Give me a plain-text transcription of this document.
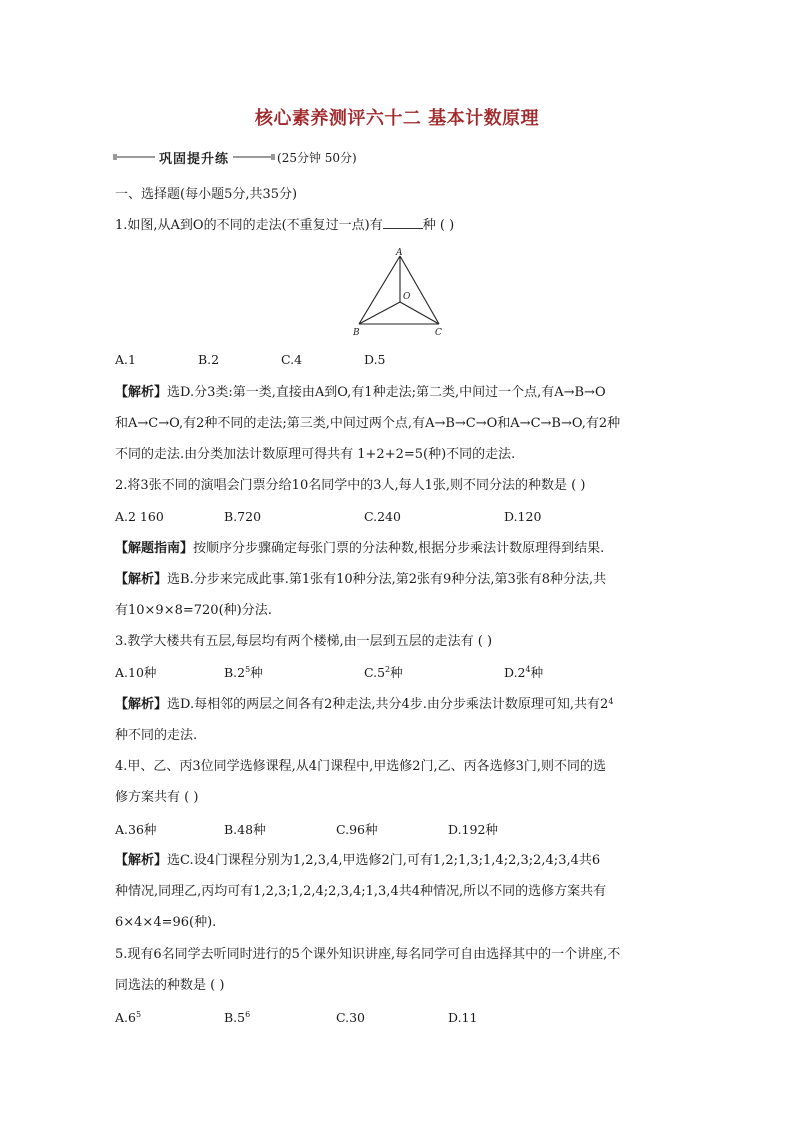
核心素养测评六十二 基本计数原理
巩固提升练	(25分钟 50分)
一、选择题(每小题5分,共35分)
1.如图,从A到O的不同的走法(不重复过一点)有	种 ( )
A
O
B	C
A.1	B.2	C.4	D.5
【解析】选D.分3类:第一类,直接由A到O,有1种走法;第二类,中间过一个点,有A→B→O
和A→C→O,有2种不同的走法;第三类,中间过两个点,有A→B→C→O和A→C→B→O,有2种
不同的走法.由分类加法计数原理可得共有 1+2+2=5(种)不同的走法.
2.将3张不同的演唱会门票分给10名同学中的3人,每人1张,则不同分法的种数是 ( )
A.2 160	B.720	C.240	D.120
【解题指南】按顺序分步骤确定每张门票的分法种数,根据分步乘法计数原理得到结果.
【解析】选B.分步来完成此事.第1张有10种分法,第2张有9种分法,第3张有8种分法,共
有10×9×8=720(种)分法.
3.教学大楼共有五层,每层均有两个楼梯,由一层到五层的走法有 ( )
A.10种	$B.2^5$种	$C.5^2$种	$D.2^4$种
【解析】选D.每相邻的两层之间各有2种走法,共分4步.由分步乘法计数原理可知,共有$2^4$
种不同的走法.
4.甲、乙、丙3位同学选修课程,从4门课程中,甲选修2门,乙、丙各选修3门,则不同的选
修方案共有 ( )
A.36种	B.48种	C.96种	D.192种
【解析】选C.设4门课程分别为1,2,3,4,甲选修2门,可有1,2;1,3;1,4;2,3;2,4;3,4共6
种情况,同理乙,丙均可有1,2,3;1,2,4;2,3,4;1,3,4共4种情况,所以不同的选修方案共有
6×4×4=96(种).
5.现有6名同学去听同时进行的5个课外知识讲座,每名同学可自由选择其中的一个讲座,不
同选法的种数是 ( )
$A.6^5$	$B.5^6$	C.30	D.11
